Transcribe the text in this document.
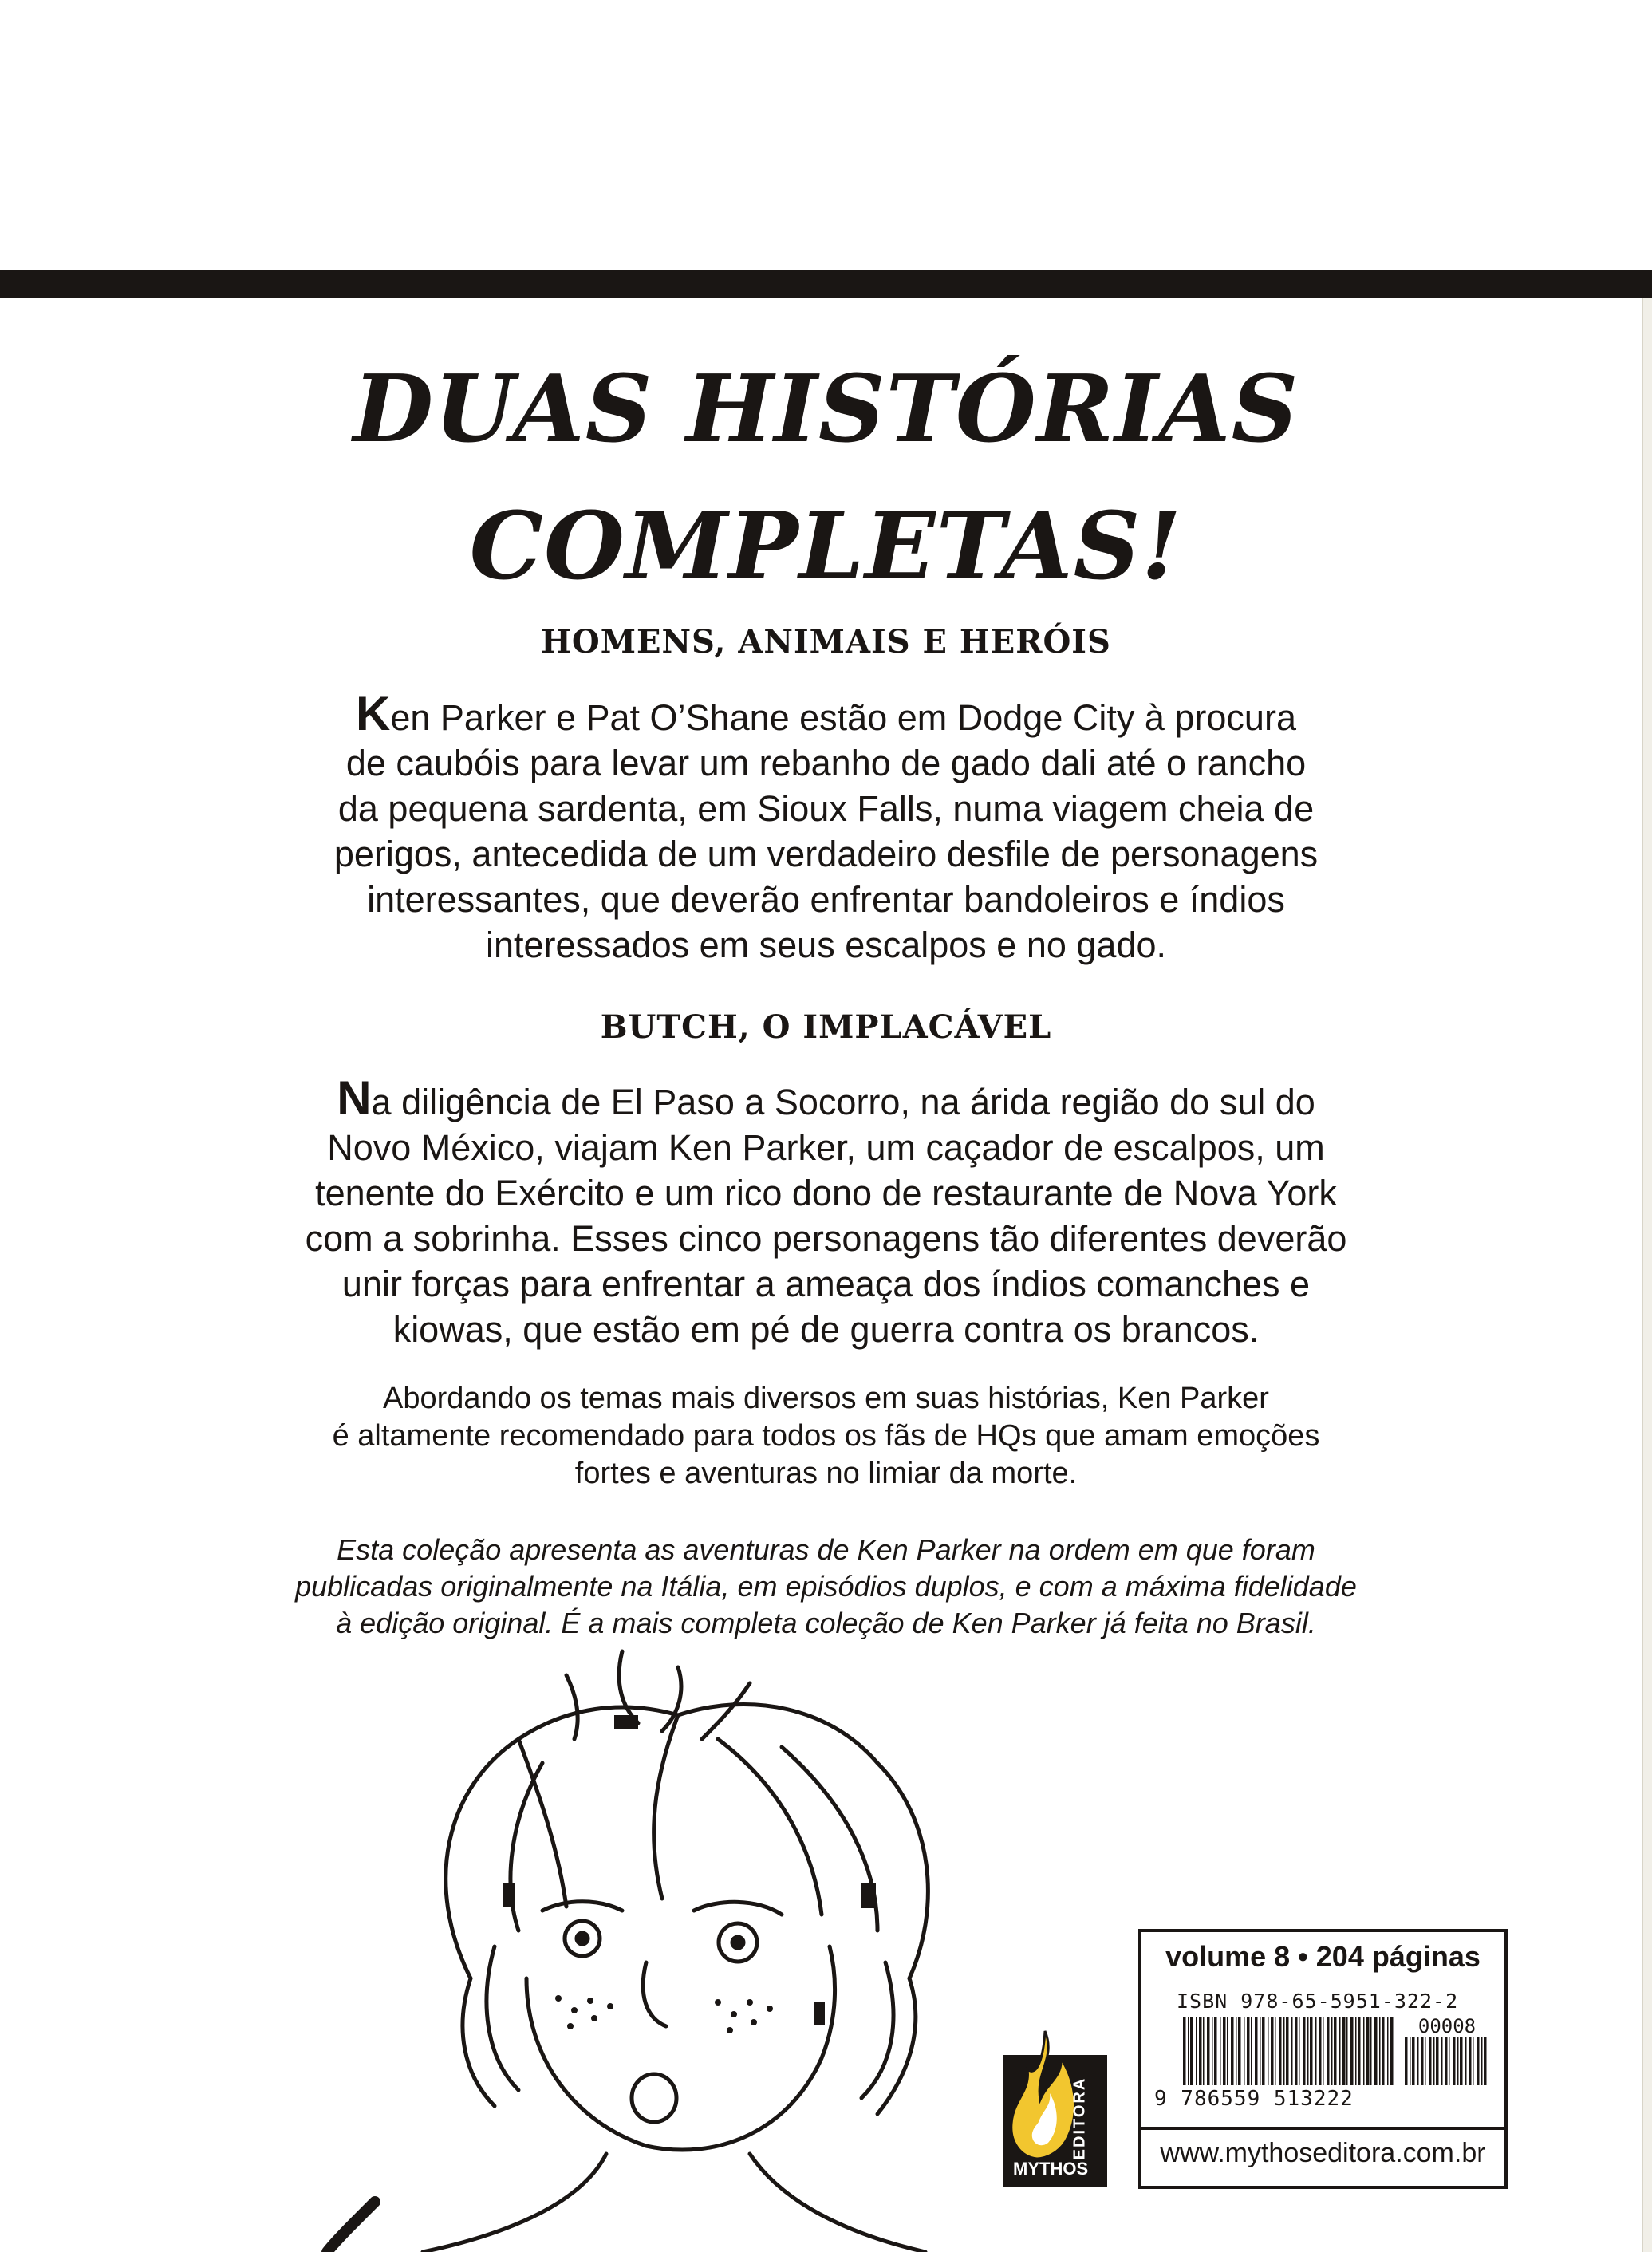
DUAS HISTÓRIAS
COMPLETAS!
HOMENS, ANIMAIS E HERÓIS
Ken Parker e Pat O’Shane estão em Dodge City à procura
de caubóis para levar um rebanho de gado dali até o rancho
da pequena sardenta, em Sioux Falls, numa viagem cheia de
perigos, antecedida de um verdadeiro desfile de personagens
interessantes, que deverão enfrentar bandoleiros e índios
interessados em seus escalpos e no gado.
BUTCH, O IMPLACÁVEL
Na diligência de El Paso a Socorro, na árida região do sul do
Novo México, viajam Ken Parker, um caçador de escalpos, um
tenente do Exército e um rico dono de restaurante de Nova York
com a sobrinha. Esses cinco personagens tão diferentes deverão
unir forças para enfrentar a ameaça dos índios comanches e
kiowas, que estão em pé de guerra contra os brancos.
Abordando os temas mais diversos em suas histórias, Ken Parker
é altamente recomendado para todos os fãs de HQs que amam emoções
fortes e aventuras no limiar da morte.
Esta coleção apresenta as aventuras de Ken Parker na ordem em que foram
publicadas originalmente na Itália, em episódios duplos, e com a máxima fidelidade
à edição original. É a mais completa coleção de Ken Parker já feita no Brasil.

MYTHOS

EDITORA

volume 8 • 204 páginas

ISBN 978-65-5951-322-2

00008

9 786559 513222

www.mythoseditora.com.br
